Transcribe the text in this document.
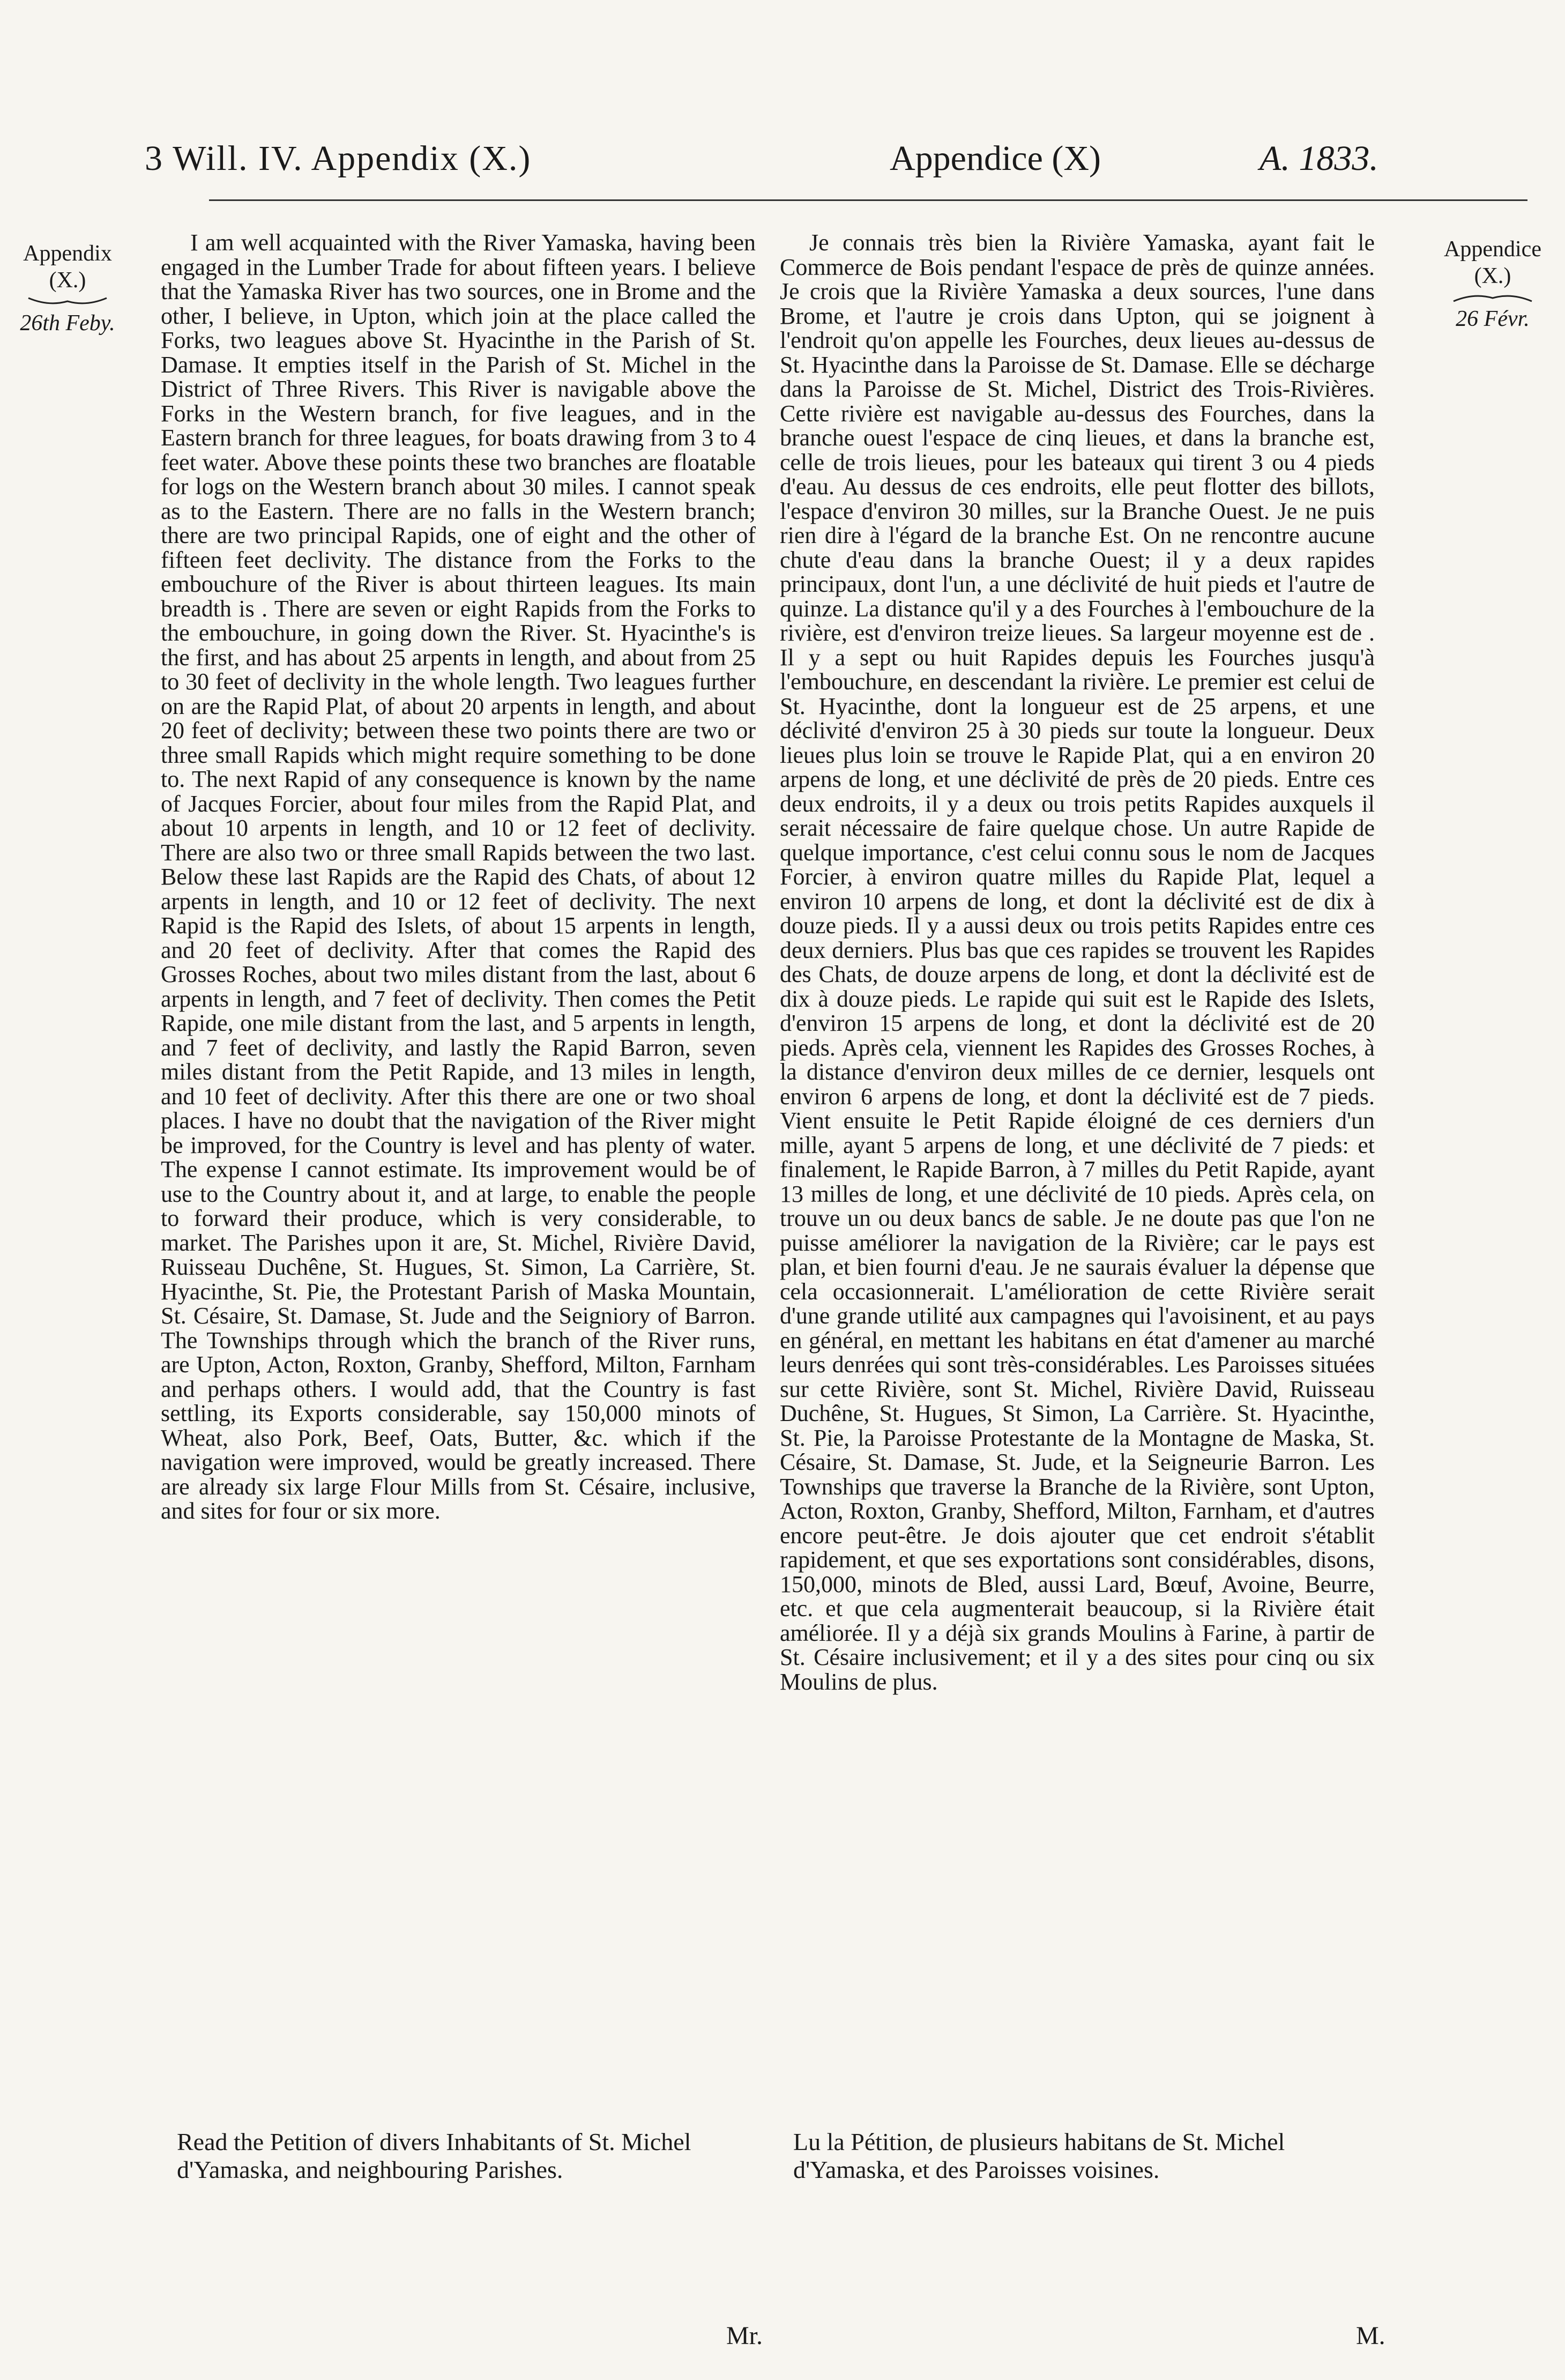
3 Will. IV. Appendix (X.)	Appendice (X)	A. 1833.
Appendix
(X.)
26th Feby.
Appendice
(X.)
26 Févr.

I am well acquainted with the River Yamaska, having been engaged in the Lumber Trade for about fifteen years. I believe that the Yamaska River has two sources, one in Brome and the other, I believe, in Upton, which join at the place called the Forks, two leagues above St. Hyacinthe in the Parish of St. Damase. It empties itself in the Parish of St. Michel in the District of Three Rivers. This River is navigable above the Forks in the Western branch, for five leagues, and in the Eastern branch for three leagues, for boats drawing from 3 to 4 feet water. Above these points these two branches are floatable for logs on the Western branch about 30 miles. I cannot speak as to the Eastern. There are no falls in the Western branch; there are two principal Rapids, one of eight and the other of fifteen feet declivity. The distance from the Forks to the embouchure of the River is about thirteen leagues. Its main breadth is . There are seven or eight Rapids from the Forks to the embouchure, in going down the River. St. Hyacinthe's is the first, and has about 25 arpents in length, and about from 25 to 30 feet of declivity in the whole length. Two leagues further on are the Rapid Plat, of about 20 arpents in length, and about 20 feet of declivity; between these two points there are two or three small Rapids which might require something to be done to. The next Rapid of any consequence is known by the name of Jacques Forcier, about four miles from the Rapid Plat, and about 10 arpents in length, and 10 or 12 feet of declivity. There are also two or three small Rapids between the two last. Below these last Rapids are the Rapid des Chats, of about 12 arpents in length, and 10 or 12 feet of declivity. The next Rapid is the Rapid des Islets, of about 15 arpents in length, and 20 feet of declivity. After that comes the Rapid des Grosses Roches, about two miles distant from the last, about 6 arpents in length, and 7 feet of declivity. Then comes the Petit Rapide, one mile distant from the last, and 5 arpents in length, and 7 feet of declivity, and lastly the Rapid Barron, seven miles distant from the Petit Rapide, and 13 miles in length, and 10 feet of declivity. After this there are one or two shoal places. I have no doubt that the navigation of the River might be improved, for the Country is level and has plenty of water. The expense I cannot estimate. Its improvement would be of use to the Country about it, and at large, to enable the people to forward their produce, which is very considerable, to market. The Parishes upon it are, St. Michel, Rivière David, Ruisseau Duchêne, St. Hugues, St. Simon, La Carrière, St. Hyacinthe, St. Pie, the Protestant Parish of Maska Mountain, St. Césaire, St. Damase, St. Jude and the Seigniory of Barron. The Townships through which the branch of the River runs, are Upton, Acton, Roxton, Granby, Shefford, Milton, Farnham and perhaps others. I would add, that the Country is fast settling, its Exports considerable, say 150,000 minots of Wheat, also Pork, Beef, Oats, Butter, &c. which if the navigation were improved, would be greatly increased. There are already six large Flour Mills from St. Césaire, inclusive, and sites for four or six more.

Je connais très bien la Rivière Yamaska, ayant fait le Commerce de Bois pendant l'espace de près de quinze années. Je crois que la Rivière Yamaska a deux sources, l'une dans Brome, et l'autre je crois dans Upton, qui se joignent à l'endroit qu'on appelle les Fourches, deux lieues au-dessus de St. Hyacinthe dans la Paroisse de St. Damase. Elle se décharge dans la Paroisse de St. Michel, District des Trois-Rivières. Cette rivière est navigable au-dessus des Fourches, dans la branche ouest l'espace de cinq lieues, et dans la branche est, celle de trois lieues, pour les bateaux qui tirent 3 ou 4 pieds d'eau. Au dessus de ces endroits, elle peut flotter des billots, l'espace d'environ 30 milles, sur la Branche Ouest. Je ne puis rien dire à l'égard de la branche Est. On ne rencontre aucune chute d'eau dans la branche Ouest; il y a deux rapides principaux, dont l'un, a une déclivité de huit pieds et l'autre de quinze. La distance qu'il y a des Fourches à l'embouchure de la rivière, est d'environ treize lieues. Sa largeur moyenne est de . Il y a sept ou huit Rapides depuis les Fourches jusqu'à l'embouchure, en descendant la rivière. Le premier est celui de St. Hyacinthe, dont la longueur est de 25 arpens, et une déclivité d'environ 25 à 30 pieds sur toute la longueur. Deux lieues plus loin se trouve le Rapide Plat, qui a en environ 20 arpens de long, et une déclivité de près de 20 pieds. Entre ces deux endroits, il y a deux ou trois petits Rapides auxquels il serait nécessaire de faire quelque chose. Un autre Rapide de quelque importance, c'est celui connu sous le nom de Jacques Forcier, à environ quatre milles du Rapide Plat, lequel a environ 10 arpens de long, et dont la déclivité est de dix à douze pieds. Il y a aussi deux ou trois petits Rapides entre ces deux derniers. Plus bas que ces rapides se trouvent les Rapides des Chats, de douze arpens de long, et dont la déclivité est de dix à douze pieds. Le rapide qui suit est le Rapide des Islets, d'environ 15 arpens de long, et dont la déclivité est de 20 pieds. Après cela, viennent les Rapides des Grosses Roches, à la distance d'environ deux milles de ce dernier, lesquels ont environ 6 arpens de long, et dont la déclivité est de 7 pieds. Vient ensuite le Petit Rapide éloigné de ces derniers d'un mille, ayant 5 arpens de long, et une déclivité de 7 pieds: et finalement, le Rapide Barron, à 7 milles du Petit Rapide, ayant 13 milles de long, et une déclivité de 10 pieds. Après cela, on trouve un ou deux bancs de sable. Je ne doute pas que l'on ne puisse améliorer la navigation de la Rivière; car le pays est plan, et bien fourni d'eau. Je ne saurais évaluer la dépense que cela occasionnerait. L'amélioration de cette Rivière serait d'une grande utilité aux campagnes qui l'avoisinent, et au pays en général, en mettant les habitans en état d'amener au marché leurs denrées qui sont très-considérables. Les Paroisses situées sur cette Rivière, sont St. Michel, Rivière David, Ruisseau Duchêne, St. Hugues, St Simon, La Carrière. St. Hyacinthe, St. Pie, la Paroisse Protestante de la Montagne de Maska, St. Césaire, St. Damase, St. Jude, et la Seigneurie Barron. Les Townships que traverse la Branche de la Rivière, sont Upton, Acton, Roxton, Granby, Shefford, Milton, Farnham, et d'autres encore peut-être. Je dois ajouter que cet endroit s'établit rapidement, et que ses exportations sont considérables, disons, 150,000, minots de Bled, aussi Lard, Bœuf, Avoine, Beurre, etc. et que cela augmenterait beaucoup, si la Rivière était améliorée. Il y a déjà six grands Moulins à Farine, à partir de St. Césaire inclusivement; et il y a des sites pour cinq ou six Moulins de plus.

Read the Petition of divers Inhabitants of St. Michel d'Yamaska, and neighbouring Parishes.
Lu la Pétition, de plusieurs habitans de St. Michel d'Yamaska, et des Paroisses voisines.
Mr.	M.
